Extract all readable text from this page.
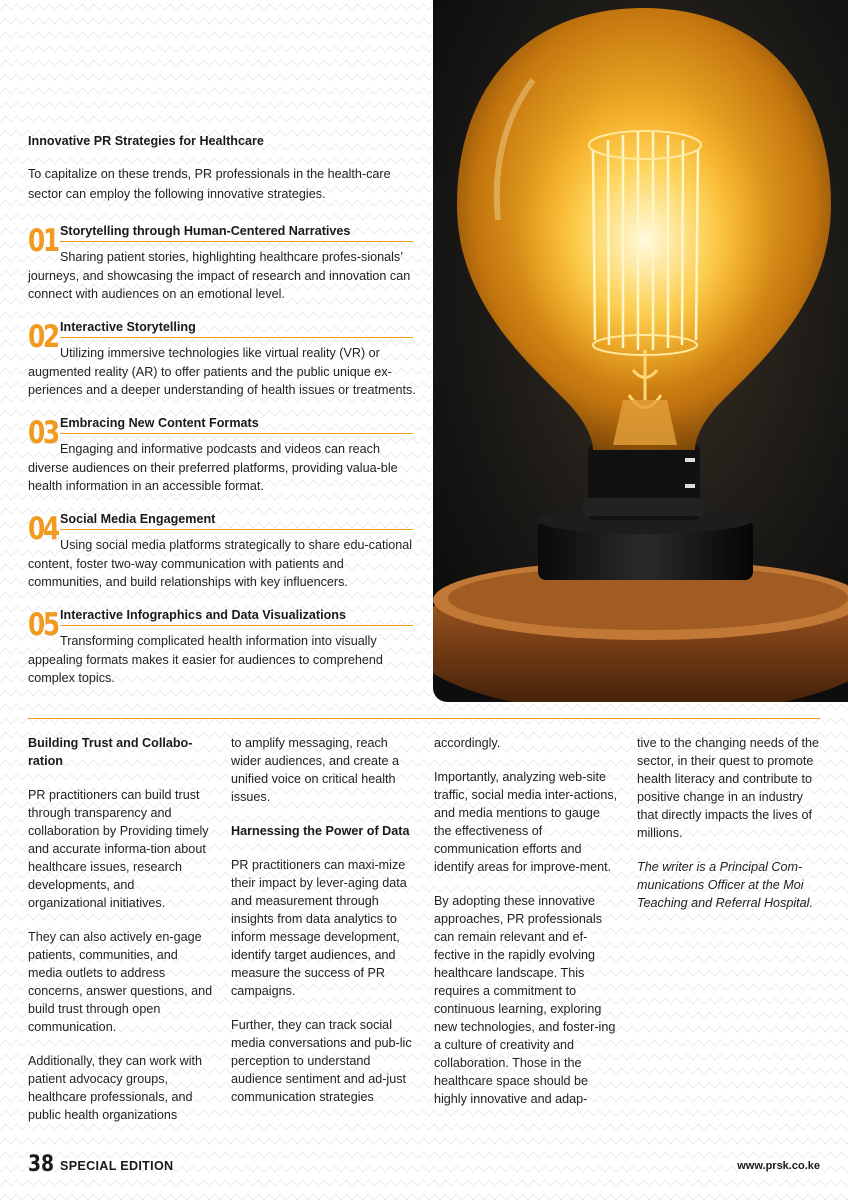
Innovative PR Strategies for Healthcare
To capitalize on these trends, PR professionals in the health-care sector can employ the following innovative strategies.
01 Storytelling through Human-Centered Narratives
Sharing patient stories, highlighting healthcare profes-sionals’ journeys, and showcasing the impact of research and innovation can connect with audiences on an emotional level.
02 Interactive Storytelling
Utilizing immersive technologies like virtual reality (VR) or augmented reality (AR) to offer patients and the public unique ex-periences and a deeper understanding of health issues or treatments.
03 Embracing New Content Formats
Engaging and informative podcasts and videos can reach diverse audiences on their preferred platforms, providing valua-ble health information in an accessible format.
04 Social Media Engagement
Using social media platforms strategically to share edu-cational content, foster two-way communication with patients and communities, and build relationships with key influencers.
05 Interactive Infographics and Data Visualizations
Transforming complicated health information into visually appealing formats makes it easier for audiences to comprehend complex topics.
Building Trust and Collabo-ration

PR practitioners can build trust through transparency and collaboration by Providing timely and accurate informa-tion about healthcare issues, research developments, and organizational initiatives.

They can also actively en-gage patients, communities, and media outlets to address concerns, answer questions, and build trust through open communication.

Additionally, they can work with patient advocacy groups, healthcare professionals, and public health organizations

to amplify messaging, reach wider audiences, and create a unified voice on critical health issues.

Harnessing the Power of Data

PR practitioners can maxi-mize their impact by lever-aging data and measurement through insights from data analytics to inform message development, identify target audiences, and measure the success of PR campaigns.

Further, they can track social media conversations and pub-lic perception to understand audience sentiment and ad-just communication strategies

accordingly.

Importantly, analyzing web-site traffic, social media inter-actions, and media mentions to gauge the effectiveness of communication efforts and identify areas for improve-ment.

By adopting these innovative approaches, PR professionals can remain relevant and ef-fective in the rapidly evolving healthcare landscape. This requires a commitment to continuous learning, exploring new technologies, and foster-ing a culture of creativity and collaboration. Those in the healthcare space should be highly innovative and adap-

tive to the changing needs of the sector, in their quest to promote health literacy and contribute to positive change in an industry that directly impacts the lives of millions.

The writer is a Principal Com-munications Officer at the Moi Teaching and Referral Hospital.

38 SPECIAL EDITION	www.prsk.co.ke
